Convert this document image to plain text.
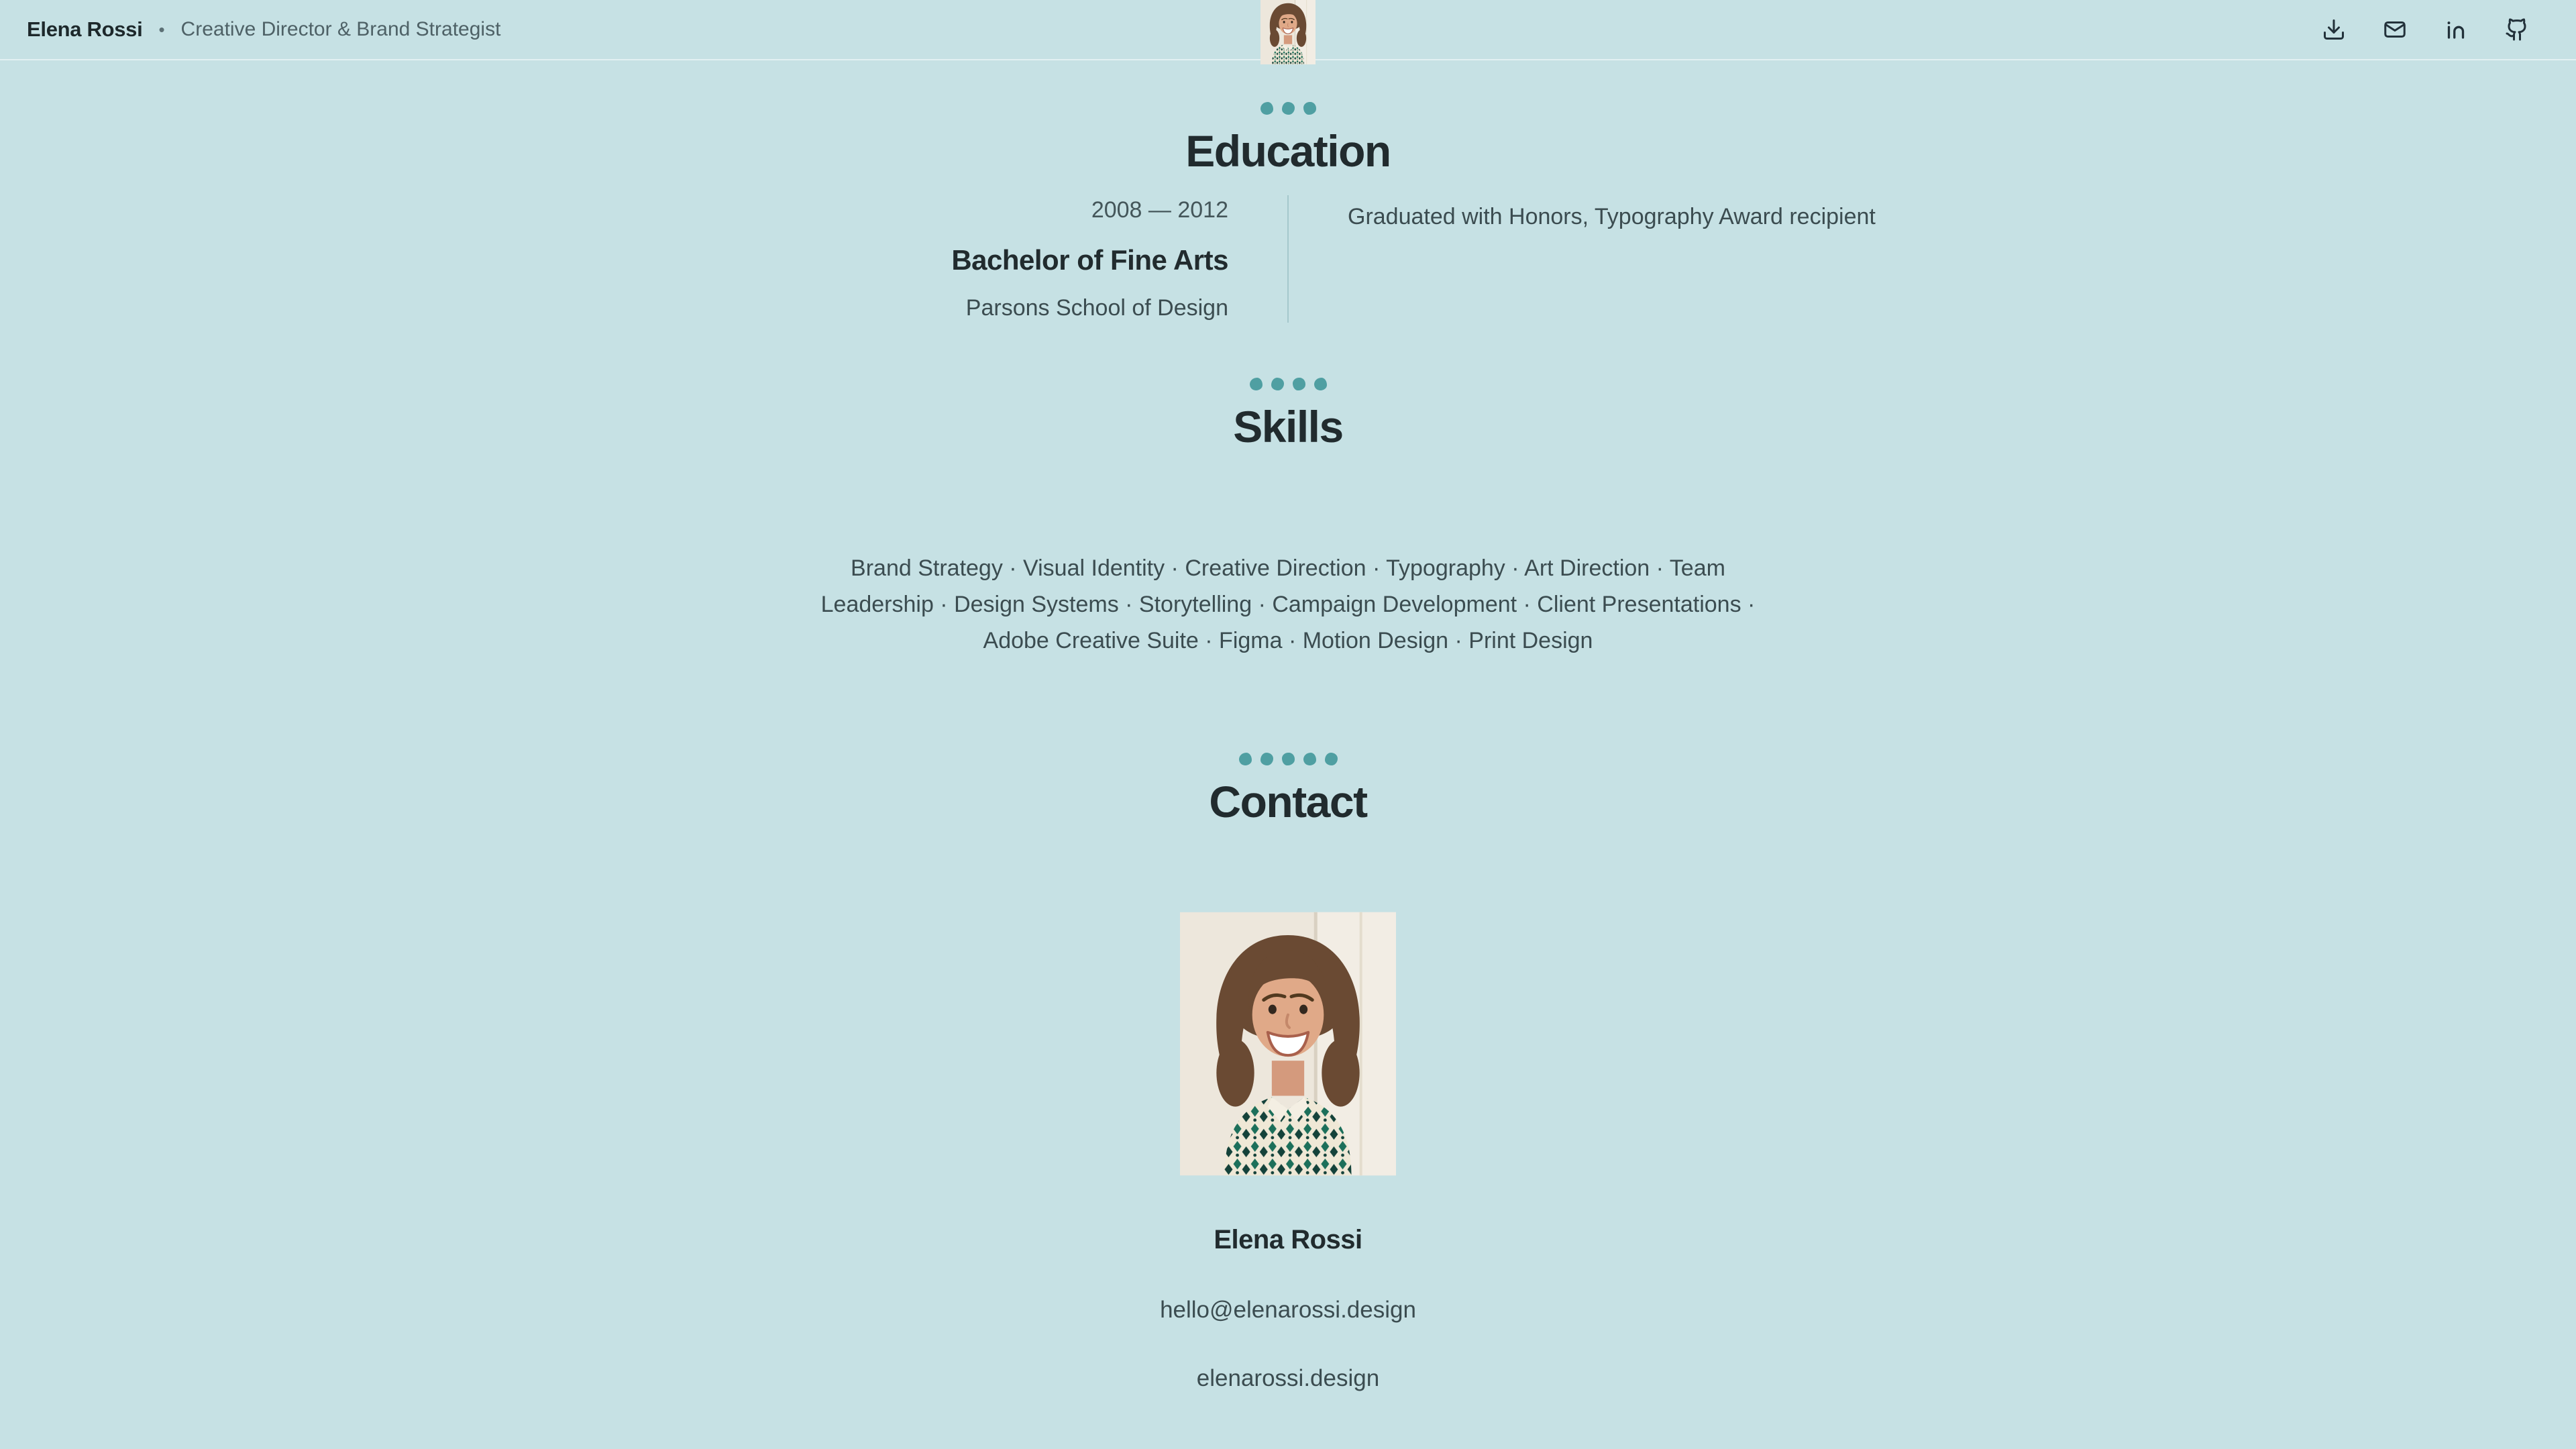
Elena Rossi • Creative Director & Brand Strategist
Education
2008 — 2012
Bachelor of Fine Arts
Parsons School of Design
Graduated with Honors, Typography Award recipient
Skills
Brand Strategy · Visual Identity · Creative Direction · Typography · Art Direction · Team
Leadership · Design Systems · Storytelling · Campaign Development · Client Presentations ·
Adobe Creative Suite · Figma · Motion Design · Print Design
Contact
Elena Rossi
hello@elenarossi.design
elenarossi.design
